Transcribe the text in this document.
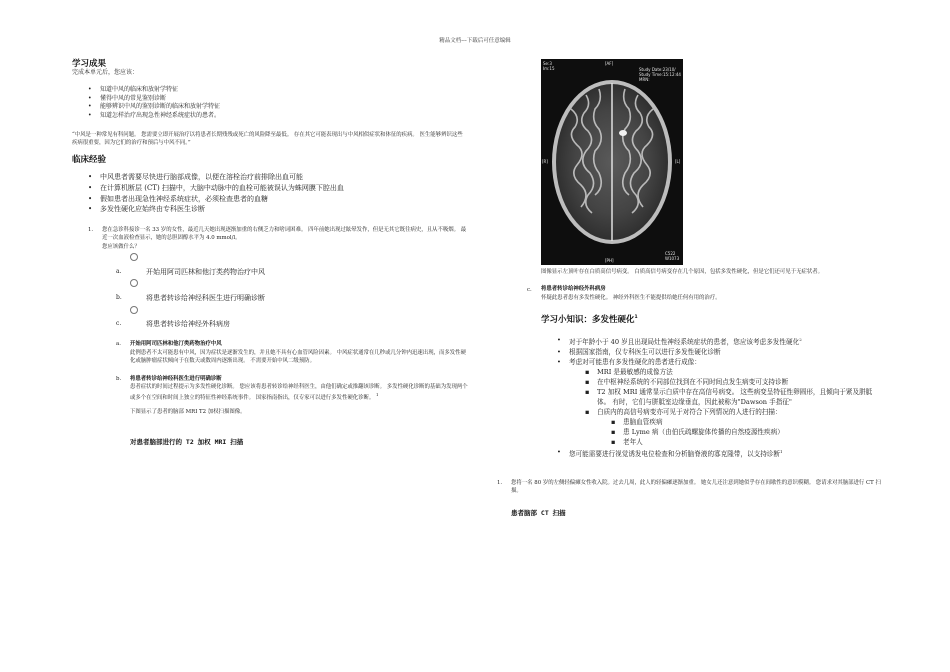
精品文档---下载后可任意编辑
学习成果
完成本单元后，您应该：
• 知道中风的临床和放射学特征
• 懂得中风的常见鉴别诊断
• 能够辨识中风的鉴别诊断的临床和放射学特征
• 知道怎样治疗出现急性神经系统症状的患者。
“中风是一种常见有科问题。 您需要立即开展治疗以将患者长期残残或死亡的风险降至最低。 存在其它可能表现出与中风相似症状和体征的疾病。 医生能够辨识这些疾病很重要，因为它们的治疗和预后与中风不同。”
临床经验
• 中风患者需要尽快进行脑部成像，以便在溶栓治疗前排除出血可能
• 在计算机断层 (CT) 扫描中，大脑中动脉中的血栓可能被误认为蛛网膜下腔出血
• 假如患者出现急性神经系统症状，必须检查患者的血糖
• 多发性硬化应始终由专科医生诊断
1. 您在急诊科接诊一名 33 岁的女性，最近几天她出现逐渐加重的右侧乏力和啥词困难。 四年前她出现过眩晕发作，但是无其它既往病史，且从不吸烟。 最近一次血液检查显示，她的总胆固醇水平为 4.0 mmol/l。
您应该做什么？
a.	开始用阿司匹林和他汀类药物治疗中风
b.	将患者转诊给神经科医生进行明确诊断
c.	将患者转诊给神经外科病房
a. 开始用阿司匹林和他汀类药物治疗中风
此例患者不太可能患有中风，因为症状是逐渐发生的，并且她不具有心血管风险因素。 中风症状通常在几秒或几分钟内迅速出现，而多发性硬化或脑肿瘤症状倾向于在数天或数周内逐渐出现。 不需要开始中风二级预防。
b. 将患者转诊给神经科医生进行明确诊断
患者症状的时间过程提示为多发性硬化诊断。 您应该将患者转诊给神经科医生，由他们确定或推翻该诊断。 多发性硬化诊断的基础为发现两个或多个在空间和时间上独立的特征性神经系统事件。 国家指南指出，仅专家可以进行多发性硬化诊断。 $^1$
下图显示了患者的脑部 MRI T2 加权扫描图像。
对患者脑部进行的 T2 加权 MRI 扫描
Se:3
Im:15
[AF]
Study Date:23/10/
Study Time:15:12:44
MRN:
[R]	[L]
[PH]
C522
W1073
图像显示左顶叶存在白质高信号病变。 白质高信号病变存在几个原因，包括多发性硬化，但是它们还可见于无症状者。
c. 将患者转诊给神经外科病房
怀疑此患者患有多发性硬化。 神经外科医生不能提供给她任何有用的治疗。
学习小知识：多发性硬化$^1$
• 对于年龄小于 40 岁且出现局灶性神经系统症状的患者，您应该考虑多发性硬化$^2$
• 根据国家指南，仅专科医生可以进行多发性硬化诊断
• 考虑对可能患有多发性硬化的患者进行成像：
▪ MRI 是最敏感的成像方法
▪ 在中枢神经系统的不同部位找到在不同时间点发生病变可支持诊断
▪ T2 加权 MRI 通常显示白质中存在高信号病变。 这些病变呈特征性卵圆形，且倾向于紧及胼胝体。 有时，它们与胼胝室边缘垂直，因此被称为"Dawson 手指征"
▪ 白质内的高信号病变亦可见于对符合下列情况的人进行的扫描：
▪ 患脑血管疾病
▪ 患 Lyme 病（由伯氏疏螺旋体传播的自然疫源性疾病）
▪ 老年人
• 您可能需要进行视觉诱发电位检查和分析脑脊液的寡克隆带，以支持诊断$^1$
1. 您将一名 80 岁的左侧轻偏瘫女性收入院。过去几周，此人的轻偏瘫逐渐加重。 她女儿还注意到她似乎存在间歇性的意识模糊。 您请求对其脑部进行 CT 扫描。
患者脑部 CT 扫描
